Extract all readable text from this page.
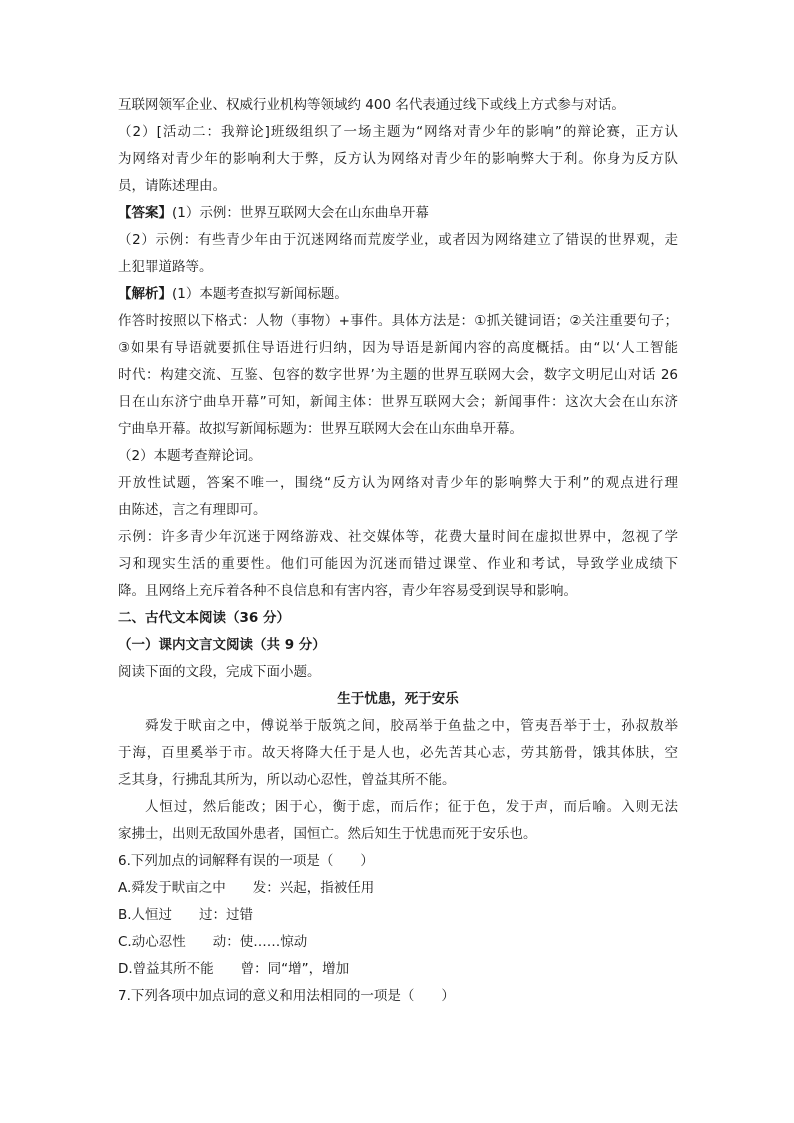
互联网领军企业、权威行业机构等领域约 400 名代表通过线下或线上方式参与对话。
（2）[活动二：我辩论]班级组织了一场主题为“网络对青少年的影响”的辩论赛，正方认
为网络对青少年的影响利大于弊，反方认为网络对青少年的影响弊大于利。你身为反方队
员，请陈述理由。
【答案】(1）示例：世界互联网大会在山东曲阜开幕
（2）示例：有些青少年由于沉迷网络而荒废学业，或者因为网络建立了错误的世界观，走
上犯罪道路等。
【解析】(1）本题考查拟写新闻标题。
作答时按照以下格式：人物（事物）+事件。具体方法是：①抓关键词语；②关注重要句子；
③如果有导语就要抓住导语进行归纳，因为导语是新闻内容的高度概括。由“以‘人工智能
时代：构建交流、互鉴、包容的数字世界’为主题的世界互联网大会，数字文明尼山对话 26
日在山东济宁曲阜开幕”可知，新闻主体：世界互联网大会；新闻事件：这次大会在山东济
宁曲阜开幕。故拟写新闻标题为：世界互联网大会在山东曲阜开幕。
（2）本题考查辩论词。
开放性试题，答案不唯一，围绕“反方认为网络对青少年的影响弊大于利”的观点进行理
由陈述，言之有理即可。
示例：许多青少年沉迷于网络游戏、社交媒体等，花费大量时间在虚拟世界中，忽视了学
习和现实生活的重要性。他们可能因为沉迷而错过课堂、作业和考试，导致学业成绩下
降。且网络上充斥着各种不良信息和有害内容，青少年容易受到误导和影响。
二、古代文本阅读（36 分）
（一）课内文言文阅读（共 9 分）
阅读下面的文段，完成下面小题。
生于忧患，死于安乐
舜发于畎亩之中，傅说举于版筑之间，胶鬲举于鱼盐之中，管夷吾举于士，孙叔敖举
于海，百里奚举于市。故天将降大任于是人也，必先苦其心志，劳其筋骨，饿其体肤，空
乏其身，行拂乱其所为，所以动心忍性，曾益其所不能。
人恒过，然后能改；困于心，衡于虑，而后作；征于色，发于声，而后喻。入则无法
家拂士，出则无敌国外患者，国恒亡。然后知生于忧患而死于安乐也。
6.下列加点的词解释有误的一项是（　　）
A.舜发于畎亩之中　　发：兴起，指被任用
B.人恒过　　过：过错
C.动心忍性　　动：使……惊动
D.曾益其所不能　　曾：同“增”，增加
7.下列各项中加点词的意义和用法相同的一项是（　　）
